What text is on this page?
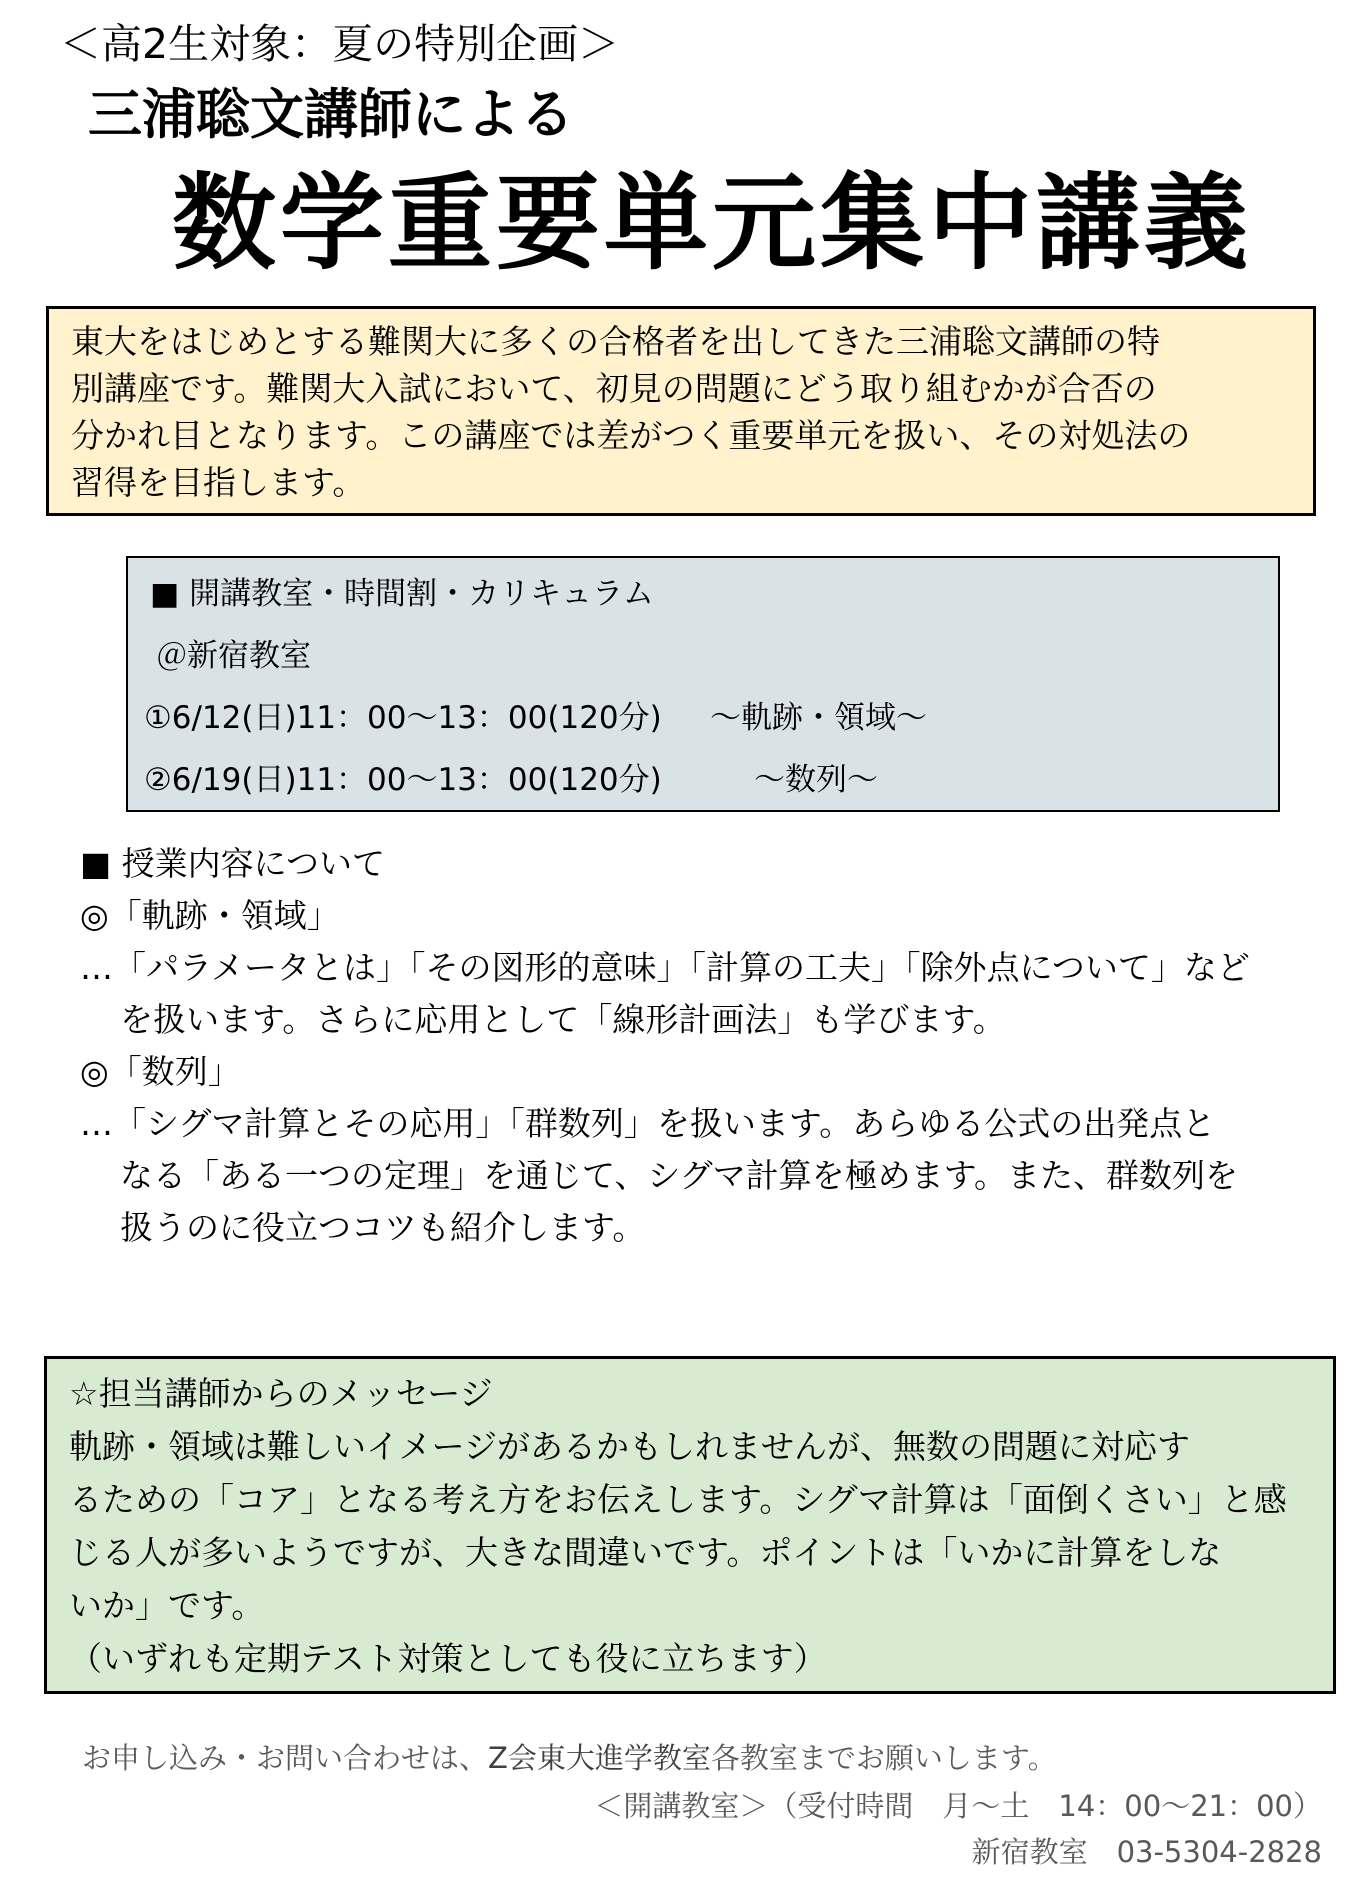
＜高2生対象：夏の特別企画＞
三浦聡文講師による
数学重要単元集中講義
東大をはじめとする難関大に多くの合格者を出してきた三浦聡文講師の特
別講座です。難関大入試において、初見の問題にどう取り組むかが合否の
分かれ目となります。この講座では差がつく重要単元を扱い、その対処法の
習得を目指します。
■ 開講教室・時間割・カリキュラム
＠新宿教室
①6/12(日)11：00～13：00(120分) ～軌跡・領域～
②6/19(日)11：00～13：00(120分)	～数列～
■ 授業内容について
◎「軌跡・領域」
…「パラメータとは」「その図形的意味」「計算の工夫」「除外点について」など
を扱います。さらに応用として「線形計画法」も学びます。
◎「数列」
…「シグマ計算とその応用」「群数列」を扱います。あらゆる公式の出発点と
なる「ある一つの定理」を通じて、シグマ計算を極めます。また、群数列を
扱うのに役立つコツも紹介します。
☆担当講師からのメッセージ
軌跡・領域は難しいイメージがあるかもしれませんが、無数の問題に対応す
るための「コア」となる考え方をお伝えします。シグマ計算は「面倒くさい」と感
じる人が多いようですが、大きな間違いです。ポイントは「いかに計算をしな
いか」です。
（いずれも定期テスト対策としても役に立ちます）
お申し込み・お問い合わせは、Z会東大進学教室各教室までお願いします。
＜開講教室＞（受付時間　月～土　14：00～21：00）
新宿教室　03-5304-2828
